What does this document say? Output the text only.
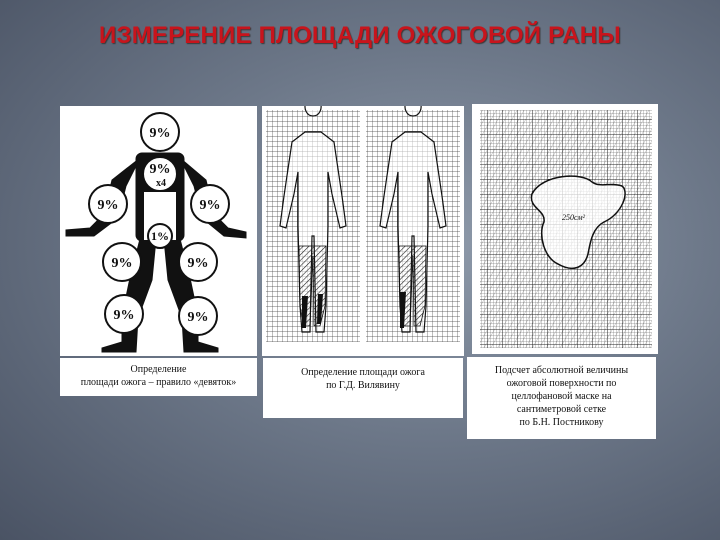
ИЗМЕРЕНИЕ ПЛОЩАДИ ОЖОГОВОЙ РАНЫ
9%
9%
x4
9%	9%
1%
9%	9%
9%	9%
Определение
площади ожога – правило «девяток»
Определение площади ожога
по Г.Д. Вилявину
250см²
Подсчет абсолютной величины
ожоговой поверхности по
целлофановой маске на
сантиметровой сетке
по Б.Н. Постникову
